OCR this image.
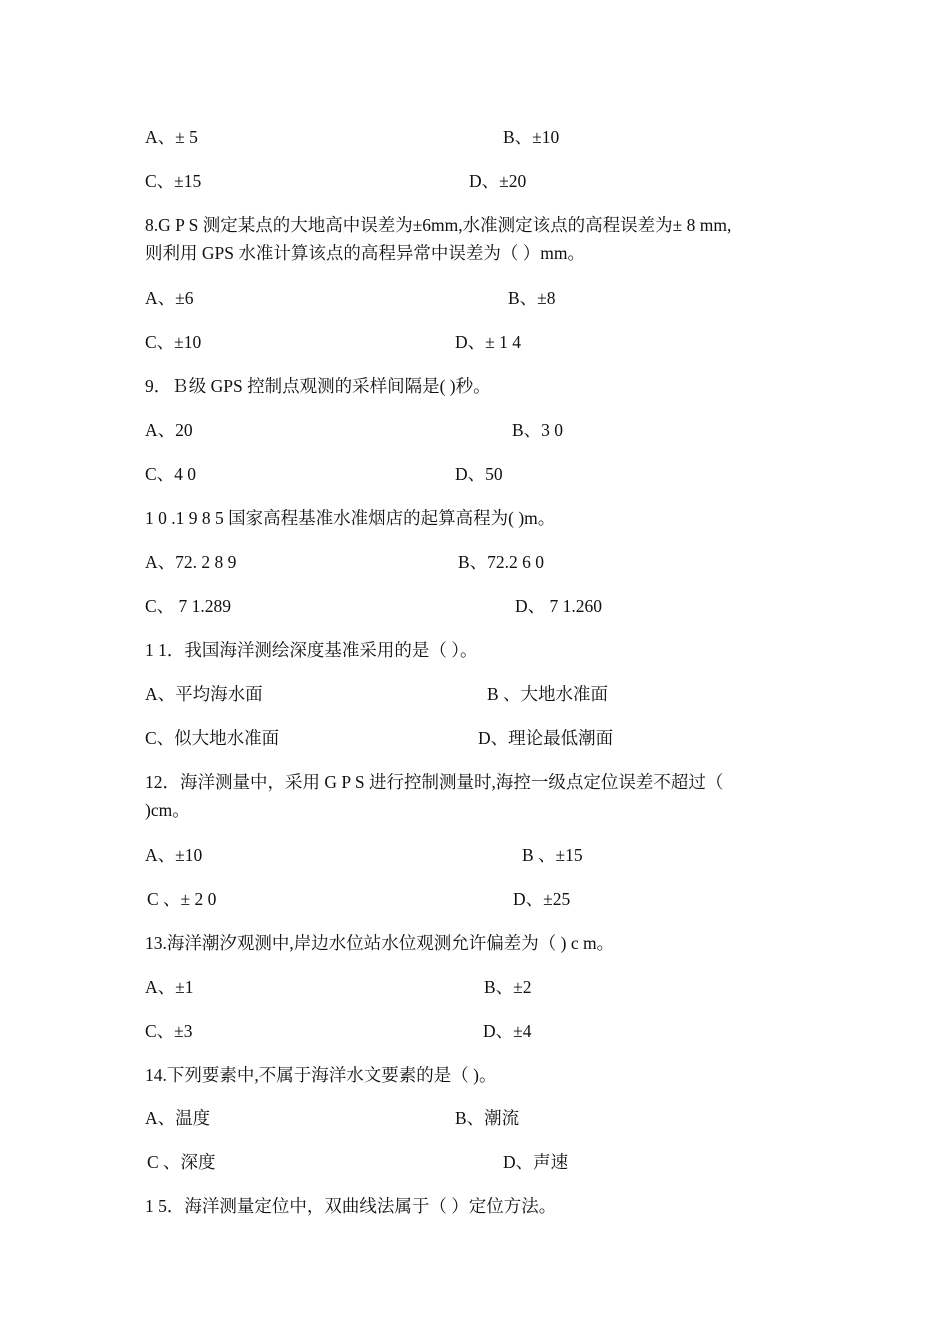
A、± 5	B、±10
C、±15	D、±20
8.G P S 测定某点的大地高中误差为±6mm,水准测定该点的高程误差为± 8 mm,
则利用 GPS 水准计算该点的高程异常中误差为（ ）mm。
A、±6	B、±8
C、±10	D、± 1 4
9．Ｂ级 GPS 控制点观测的采样间隔是( )秒。
A、20	B、3 0
C、4 0	D、50
1 0 .1 9 8 5 国家高程基准水准烟店的起算高程为( )m。
A、72. 2 8 9	B、72.2 6 0
C、 7 1.289	D、 7 1.260
1 1．我国海洋测绘深度基准采用的是（ ）。
A、平均海水面	B 、大地水准面
C、似大地水准面	D、理论最低潮面
12．海洋测量中，采用 G P S 进行控制测量时,海控一级点定位误差不超过（
)cm。
A、±10	B 、±15
C 、± 2 0	D、±25
13.海洋潮汐观测中,岸边水位站水位观测允许偏差为（ ) c m。
A、±1	B、±2
C、±3	D、±4
14.下列要素中,不属于海洋水文要素的是（ )。
A、温度	B、潮流
C 、深度	D、声速
1 5．海洋测量定位中，双曲线法属于（ ）定位方法。
